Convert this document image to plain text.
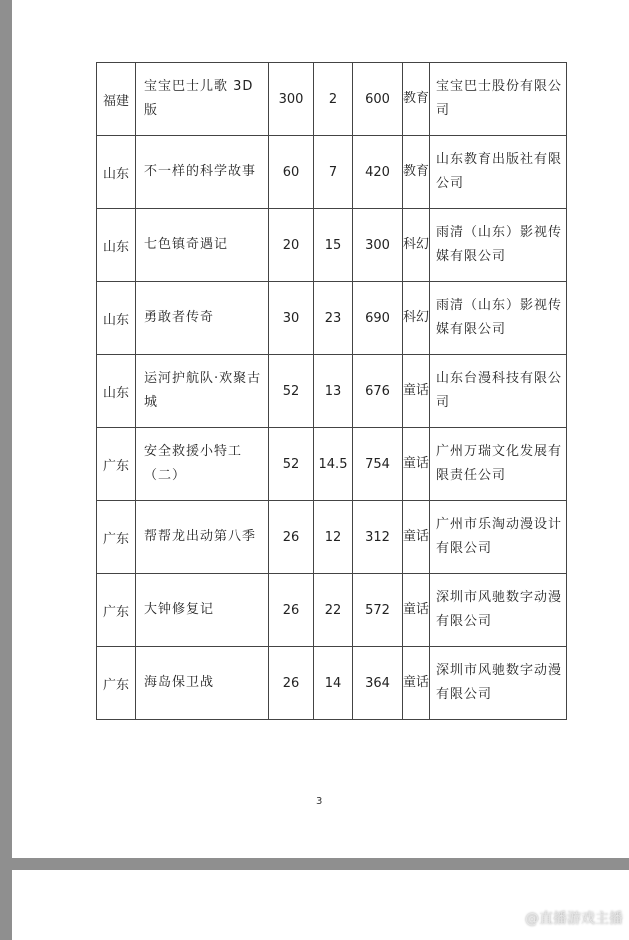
福建	宝宝巴士儿歌 3D 版	300	2	600	教育	宝宝巴士股份有限公司
山东	不一样的科学故事	60	7	420	教育	山东教育出版社有限公司
山东	七色镇奇遇记	20	15	300	科幻	雨清（山东）影视传媒有限公司
山东	勇敢者传奇	30	23	690	科幻	雨清（山东）影视传媒有限公司
山东	运河护航队·欢聚古城	52	13	676	童话	山东台漫科技有限公司
广东	安全救援小特工（二）	52	14.5	754	童话	广州万瑞文化发展有限责任公司
广东	帮帮龙出动第八季	26	12	312	童话	广州市乐淘动漫设计有限公司
广东	大钟修复记	26	22	572	童话	深圳市风驰数字动漫有限公司
广东	海岛保卫战	26	14	364	童话	深圳市风驰数字动漫有限公司
3
@直播游戏主播
